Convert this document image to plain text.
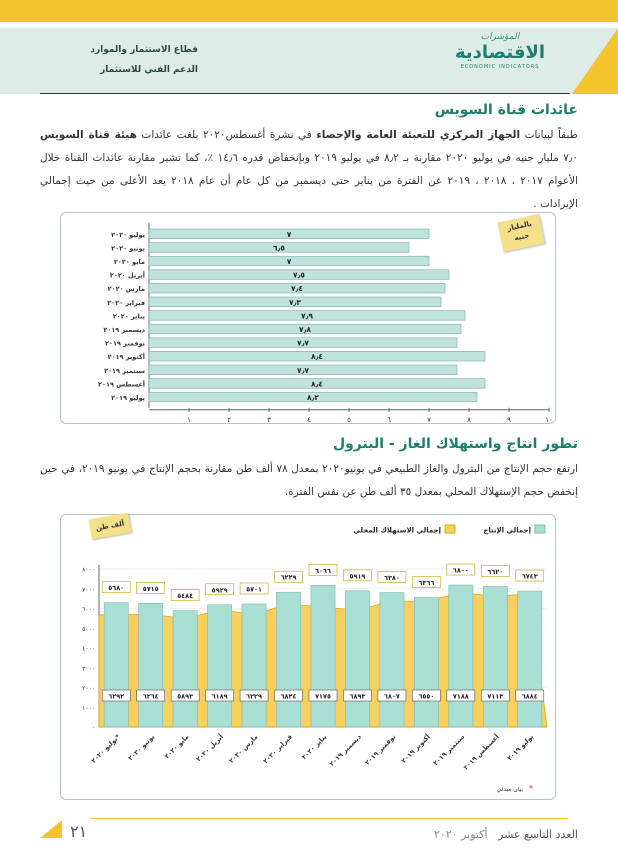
قطاع الاستثمار والموارد
الدعم الفني للاستثمار
المؤشرات
الاقتصادية
ECONOMIC INDICATORS
عائدات قناة السويس
طبقاً لبيانات الجهاز المركزي للتعبئة العامة والإحصاء في نشرة أغسطس٢٠٢٠ بلغت عائدات هيئة قناة السويس ٧٫٠ مليار جنيه في يوليو ٢٠٢٠ مقارنة بـ ٨٫٢ في يوليو ٢٠١٩ وبإنخفاض قدره ١٤٫٦ ٪، كما تشير مقارنة عائدات القناة خلال الأعوام ٢٠١٧ ، ٢٠١٨ ، ٢٠١٩ عن الفترة من يناير حتى ديسمبر من كل عام أن عام ٢٠١٨ يعد الأعلى من حيث إجمالي الإيرادات .
١	٢	٣	٤	٥	٦	٧	٨	٩	١٠
يوليو ٢٠٢٠	٧
يونيو ٢٠٢٠	٦٫٥
مايو ٢٠٢٠	٧
أبريل ٢٠٢٠	٧٫٥
مارس ٢٠٢٠	٧٫٤
فبراير ٢٠٢٠	٧٫٣
يناير ٢٠٢٠	٧٫٩
ديسمبر ٢٠١٩	٧٫٨
نوفمبر ٢٠١٩	٧٫٧
أكتوبر ٢٠١٩	٨٫٤
سبتمبر ٢٠١٩	٧٫٧
أغسطس ٢٠١٩	٨٫٤
يوليو ٢٠١٩	٨٫٢
بالمليار جنيه
تطور انتاج واستهلاك الغاز - البترول
ارتفع حجم الإنتاج من البترول والغاز الطبيعي في يونيو٢٠٢٠ بمعدل ٧٨ ألف طن مقارنة بحجم الإنتاج في يونيو ٢٠١٩، في حين إنخفض حجم الإستهلاك المحلي بمعدل ٣٥ ألف طن عن نفس الفترة.
٠
١٠٠٠
٢٠٠٠
٣٠٠٠
٤٠٠٠
٥٠٠٠
٦٠٠٠
٧٠٠٠
٨٠٠٠
٦٨٨٤
٧١١٣
٧١٨٨
٦٥٥٠
٦٨٠٧
٦٨٩٣
٧١٧٥
٦٨٢٤
٦٢٢٩
٦١٨٩
٥٨٩٣
٦٢٦٤
٦٢٩٢
٦٧٤٣
٦٦٢٠
٦٨٠٠
٦٣٦٦
٦٣٨٠
٥٩١٩
٦٠٦٦
٦٢٢٩
٥٧٠١
٥٩٢٩
٥٤٨٤
٥٧١٥
٥٦٨٠
يوليو ٢٠١٩
أغسطس ٢٠١٩
سبتمبر ٢٠١٩
أكتوبر ٢٠١٩
نوفمبر ٢٠١٩
ديسمبر ٢٠١٩
يناير ٢٠٢٠
فبراير ٢٠٢٠
مارس ٢٠٢٠
أبريل ٢٠٢٠
مايو ٢٠٢٠
يونيو ٢٠٢٠
يوليو ٢٠٢٠*
إجمالي الإنتاج
إجمالي الاستهلاك المحلي
*
بيان مبدئي
ألف طن
٢١	العدد التاسع عشر   أكتوبر ٢٠٢٠
